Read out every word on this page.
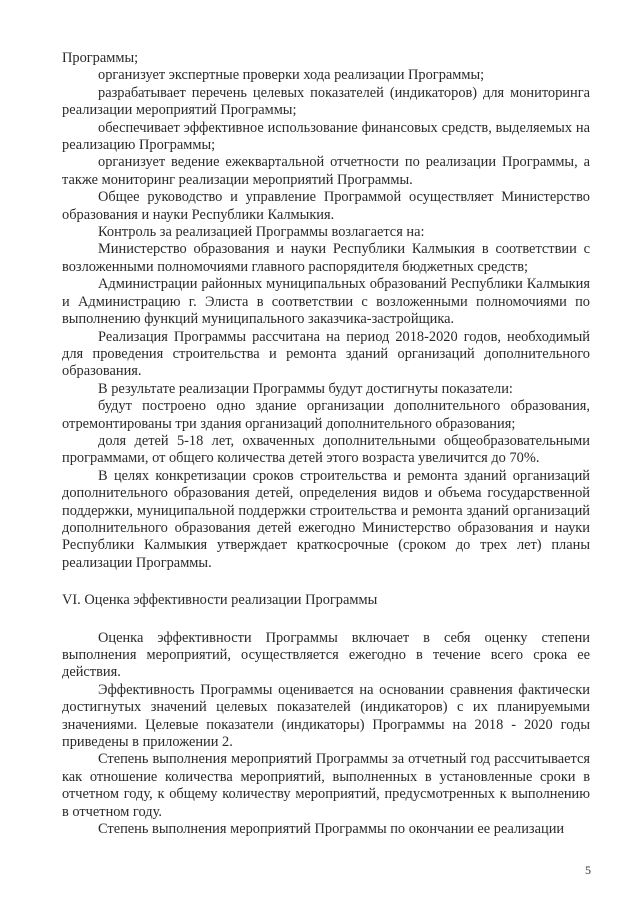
Программы;
организует экспертные проверки хода реализации Программы;
разрабатывает перечень целевых показателей (индикаторов) для мониторинга реализации мероприятий Программы;
обеспечивает эффективное использование финансовых средств, выделяемых на реализацию Программы;
организует ведение ежеквартальной отчетности по реализации Программы, а также мониторинг реализации мероприятий Программы.
Общее руководство и управление Программой осуществляет Министерство образования и науки Республики Калмыкия.
Контроль за реализацией Программы возлагается на:
Министерство образования и науки Республики Калмыкия в соответствии с возложенными полномочиями главного распорядителя бюджетных средств;
Администрации районных муниципальных образований Республики Калмыкия и Администрацию г. Элиста в соответствии с возложенными полномочиями по выполнению функций муниципального заказчика-застройщика.
Реализация Программы рассчитана на период 2018-2020 годов, необходимый для проведения строительства и ремонта зданий организаций дополнительного образования.
В результате реализации Программы будут достигнуты показатели:
будут построено одно здание организации дополнительного образования, отремонтированы три здания организаций дополнительного образования;
доля детей 5-18 лет, охваченных дополнительными общеобразовательными программами, от общего количества детей этого возраста увеличится до 70%.
В целях конкретизации сроков строительства и ремонта зданий организаций дополнительного образования детей, определения видов и объема государственной поддержки, муниципальной поддержки строительства и ремонта зданий организаций дополнительного образования детей ежегодно Министерство образования и науки Республики Калмыкия утверждает краткосрочные (сроком до трех лет) планы реализации Программы.
VI. Оценка эффективности реализации Программы
Оценка эффективности Программы включает в себя оценку степени выполнения мероприятий, осуществляется ежегодно в течение всего срока ее действия.
Эффективность Программы оценивается на основании сравнения фактически достигнутых значений целевых показателей (индикаторов) с их планируемыми значениями. Целевые показатели (индикаторы) Программы на 2018 - 2020 годы приведены в приложении 2.
Степень выполнения мероприятий Программы за отчетный год рассчитывается как отношение количества мероприятий, выполненных в установленные сроки в отчетном году, к общему количеству мероприятий, предусмотренных к выполнению в отчетном году.
Степень выполнения мероприятий Программы по окончании ее реализации
5
